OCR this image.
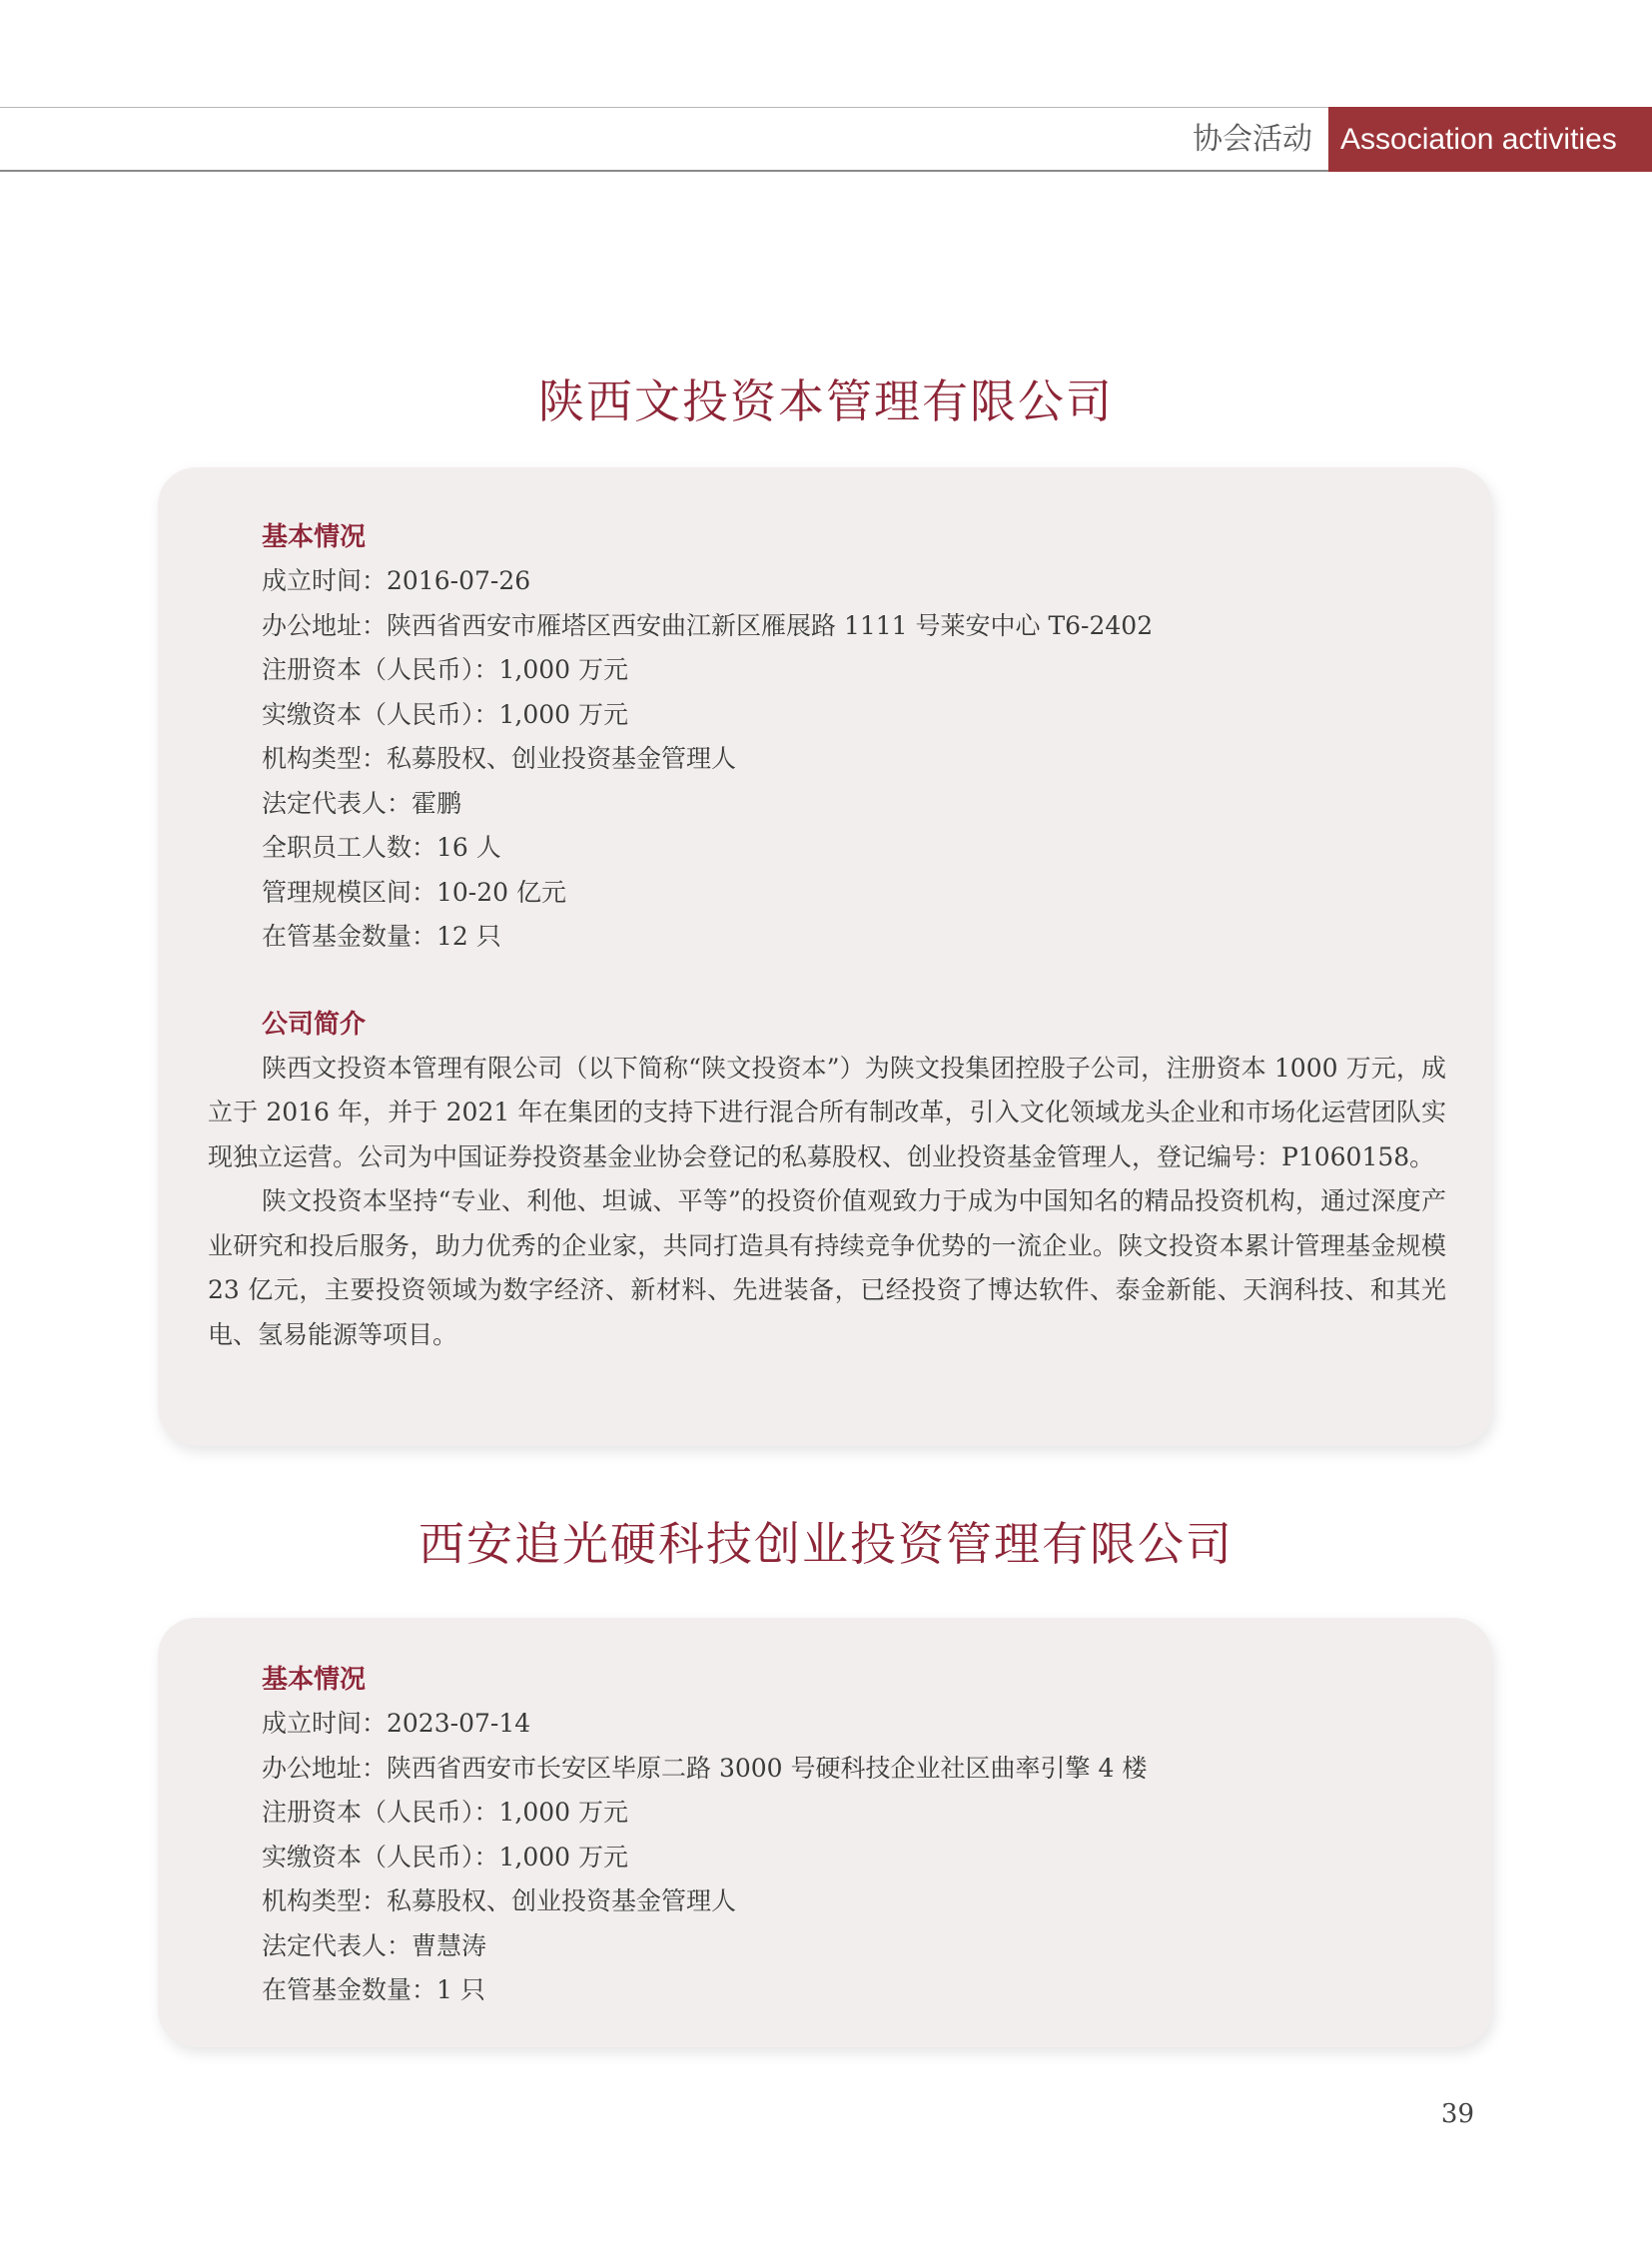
协会活动 Association activities
陕西文投资本管理有限公司
基本情况
成立时间：2016-07-26
办公地址：陕西省西安市雁塔区西安曲江新区雁展路 1111 号莱安中心 T6-2402
注册资本（人民币）：1,000 万元
实缴资本（人民币）：1,000 万元
机构类型：私募股权、创业投资基金管理人
法定代表人：霍鹏
全职员工人数：16 人
管理规模区间：10-20 亿元
在管基金数量：12 只
公司简介
陕西文投资本管理有限公司（以下简称“陕文投资本”）为陕文投集团控股子公司，注册资本 1000 万元，成立于 2016 年，并于 2021 年在集团的支持下进行混合所有制改革，引入文化领域龙头企业和市场化运营团队实现独立运营。公司为中国证券投资基金业协会登记的私募股权、创业投资基金管理人，登记编号：P1060158。
陕文投资本坚持“专业、利他、坦诚、平等”的投资价值观致力于成为中国知名的精品投资机构，通过深度产业研究和投后服务，助力优秀的企业家，共同打造具有持续竞争优势的一流企业。陕文投资本累计管理基金规模 23 亿元，主要投资领域为数字经济、新材料、先进装备，已经投资了博达软件、泰金新能、天润科技、和其光电、氢易能源等项目。
西安追光硬科技创业投资管理有限公司
基本情况
成立时间：2023-07-14
办公地址：陕西省西安市长安区毕原二路 3000 号硬科技企业社区曲率引擎 4 楼
注册资本（人民币）：1,000 万元
实缴资本（人民币）：1,000 万元
机构类型：私募股权、创业投资基金管理人
法定代表人：曹慧涛
在管基金数量：1 只
39
